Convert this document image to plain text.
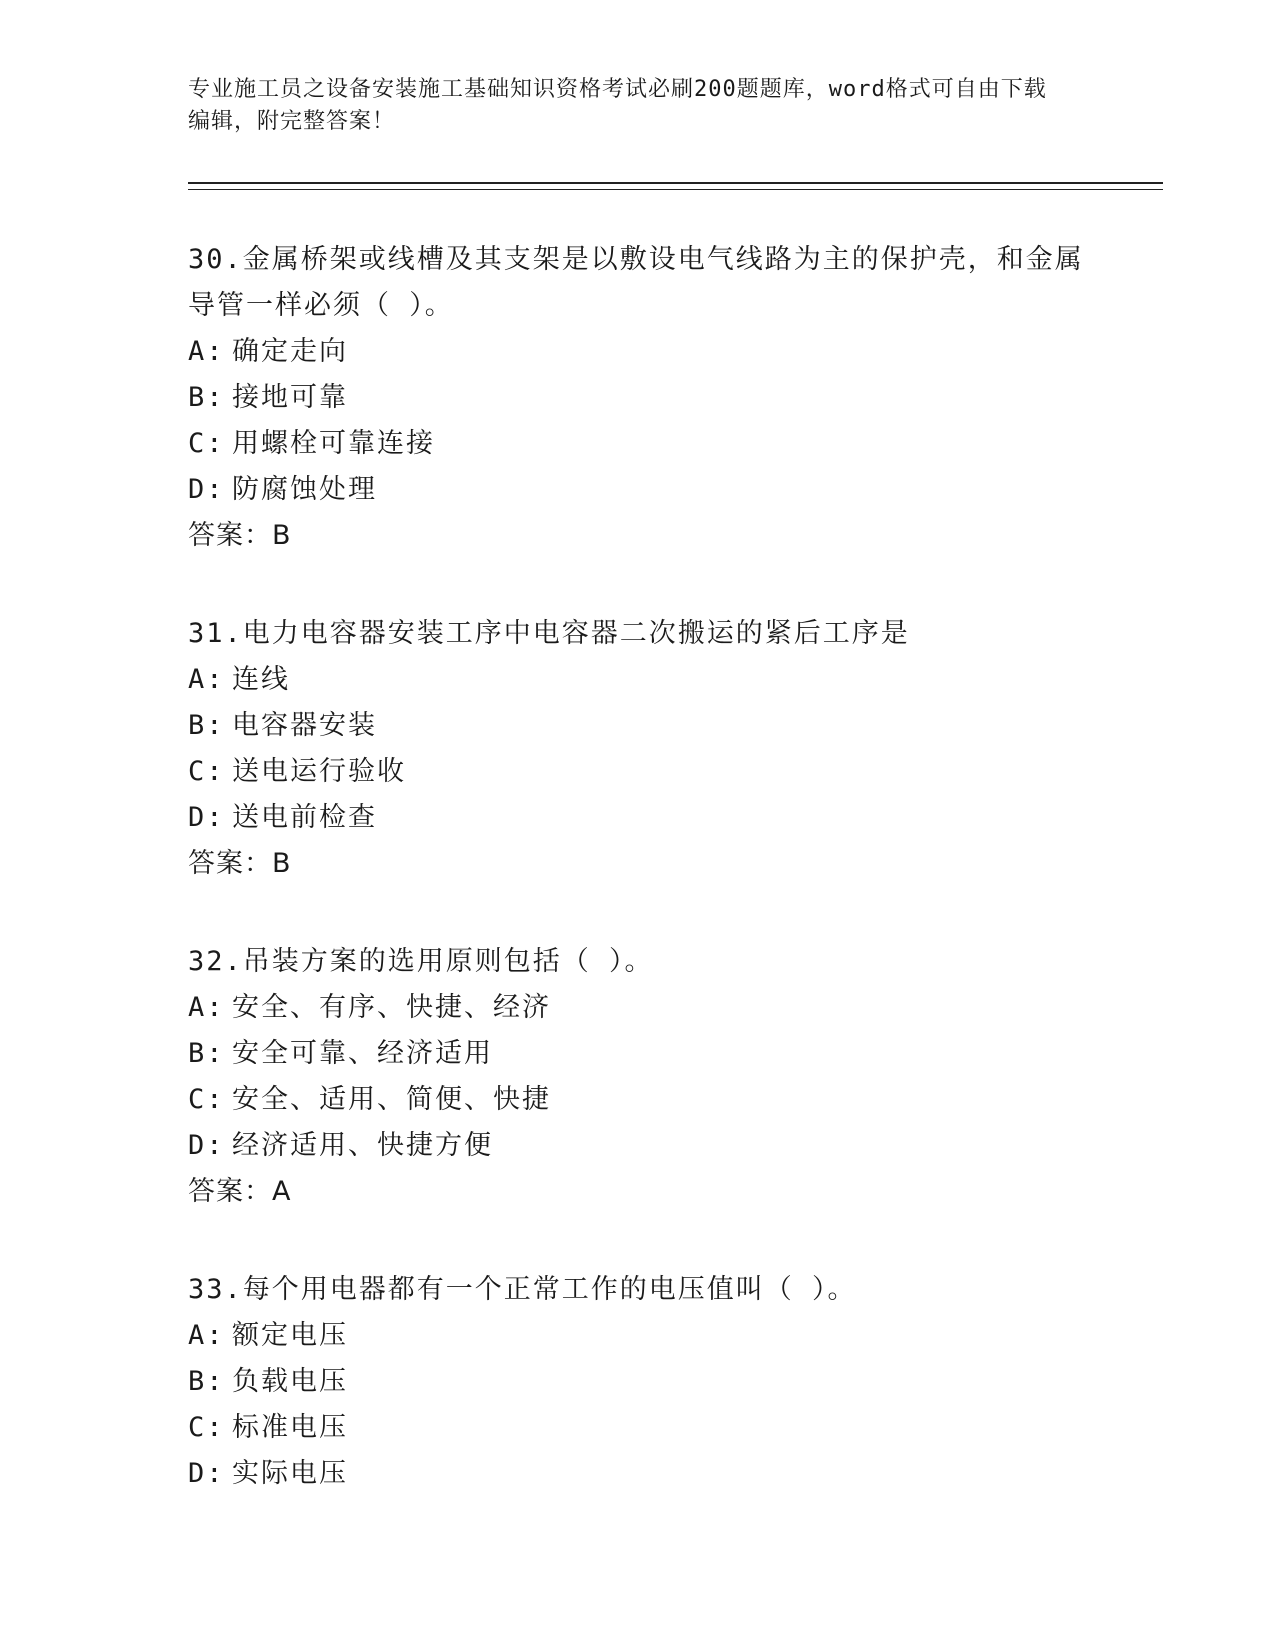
专业施工员之设备安装施工基础知识资格考试必刷200题题库，word格式可自由下载编辑，附完整答案！
30.金属桥架或线槽及其支架是以敷设电气线路为主的保护壳，和金属导管一样必须（ ）。
A: 确定走向
B: 接地可靠
C: 用螺栓可靠连接
D: 防腐蚀处理
答案：B
31.电力电容器安装工序中电容器二次搬运的紧后工序是
A: 连线
B: 电容器安装
C: 送电运行验收
D: 送电前检查
答案：B
32.吊装方案的选用原则包括（ ）。
A: 安全、有序、快捷、经济
B: 安全可靠、经济适用
C: 安全、适用、简便、快捷
D: 经济适用、快捷方便
答案：A
33.每个用电器都有一个正常工作的电压值叫（ ）。
A: 额定电压
B: 负载电压
C: 标准电压
D: 实际电压
